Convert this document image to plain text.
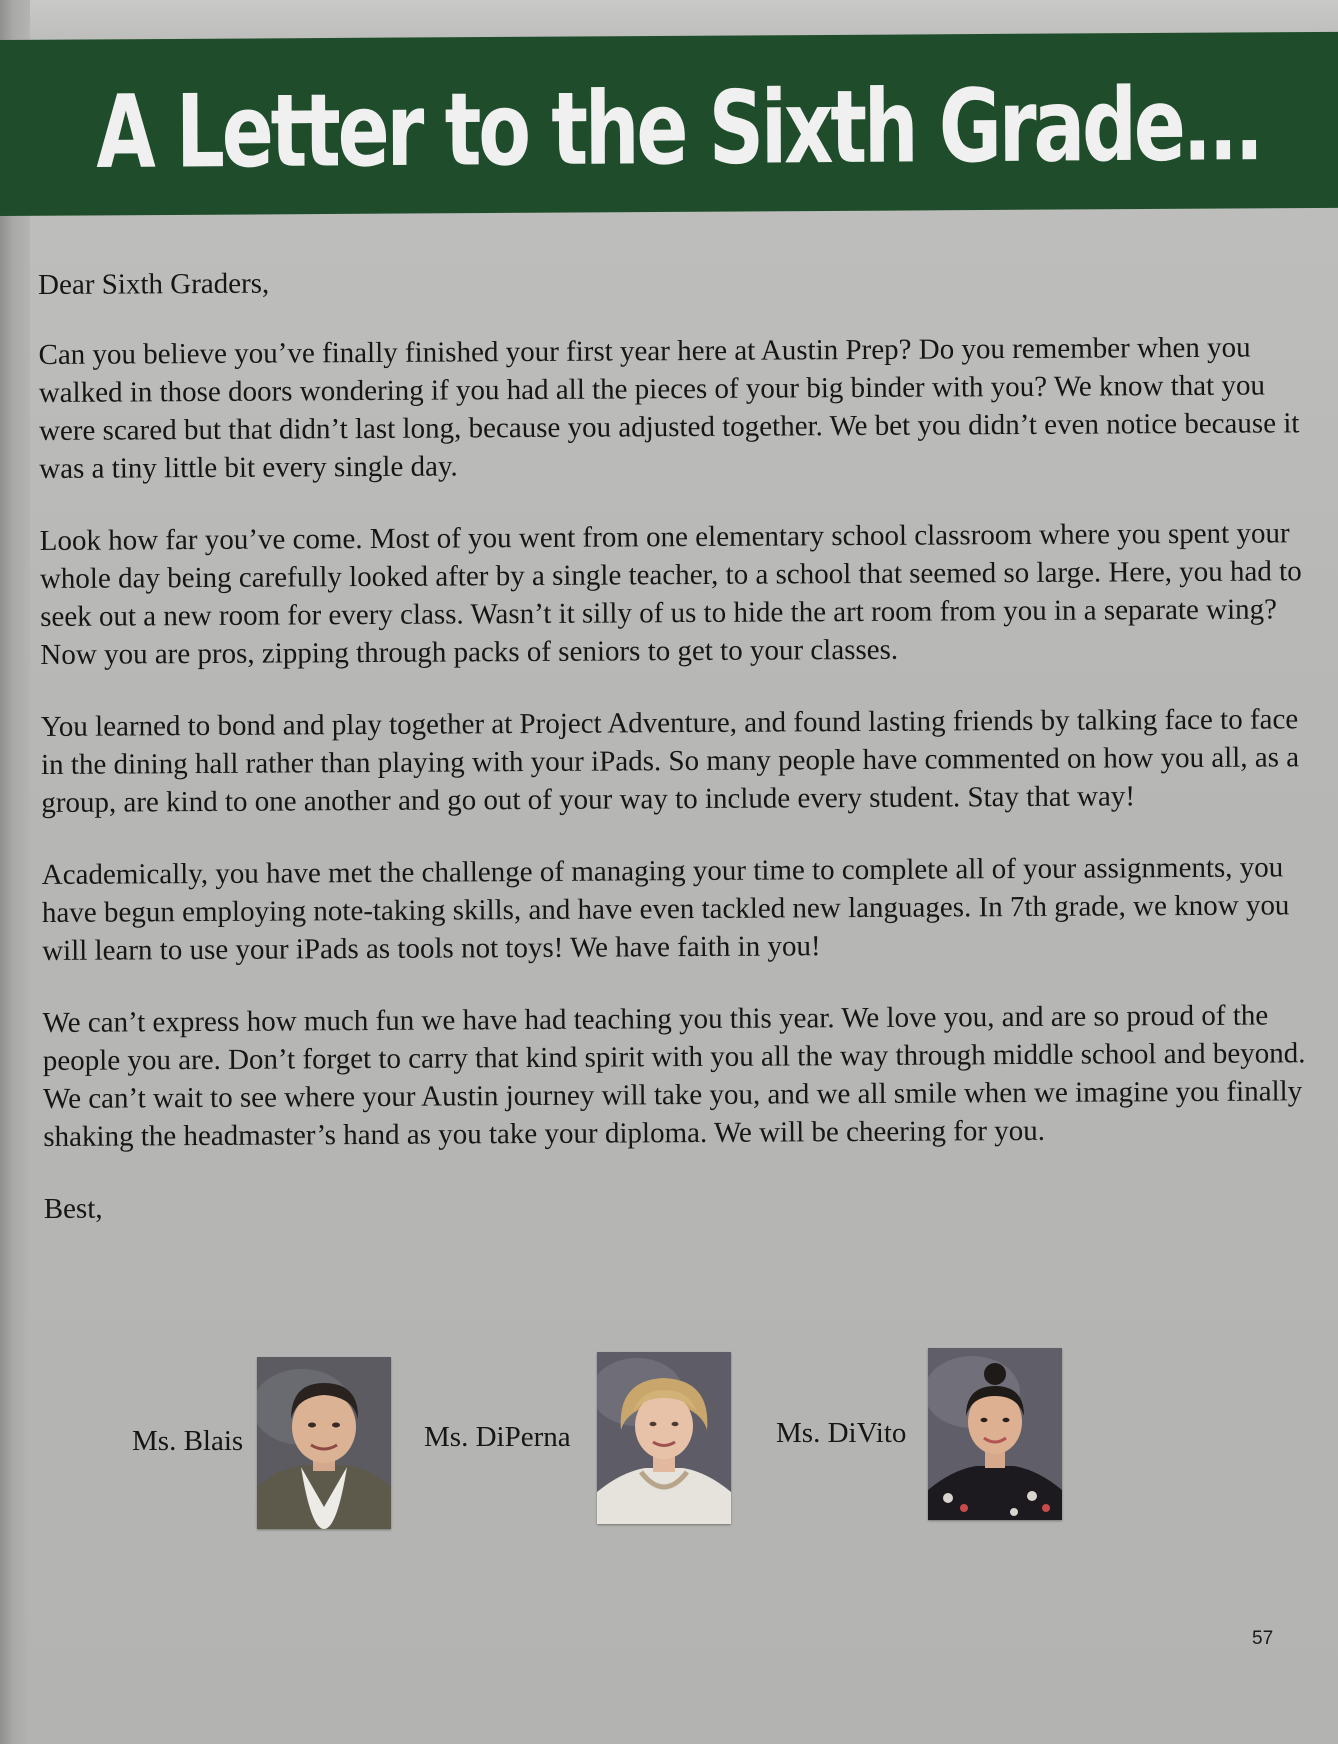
A Letter to the Sixth Grade...

Dear Sixth Graders,

Can you believe you’ve finally finished your first year here at Austin Prep? Do you remember when you walked in those doors wondering if you had all the pieces of your big binder with you? We know that you were scared but that didn’t last long, because you adjusted together. We bet you didn’t even notice because it was a tiny little bit every single day.

Look how far you’ve come. Most of you went from one elementary school classroom where you spent your whole day being carefully looked after by a single teacher, to a school that seemed so large. Here, you had to seek out a new room for every class. Wasn’t it silly of us to hide the art room from you in a separate wing? Now you are pros, zipping through packs of seniors to get to your classes.

You learned to bond and play together at Project Adventure, and found lasting friends by talking face to face in the dining hall rather than playing with your iPads. So many people have commented on how you all, as a group, are kind to one another and go out of your way to include every student. Stay that way!

Academically, you have met the challenge of managing your time to complete all of your assignments, you have begun employing note-taking skills, and have even tackled new languages. In 7th grade, we know you will learn to use your iPads as tools not toys! We have faith in you!

We can’t express how much fun we have had teaching you this year. We love you, and are so proud of the people you are. Don’t forget to carry that kind spirit with you all the way through middle school and beyond. We can’t wait to see where your Austin journey will take you, and we all smile when we imagine you finally shaking the headmaster’s hand as you take your diploma. We will be cheering for you.

Best,

Ms. Blais	Ms. DiPerna	Ms. DiVito
57
